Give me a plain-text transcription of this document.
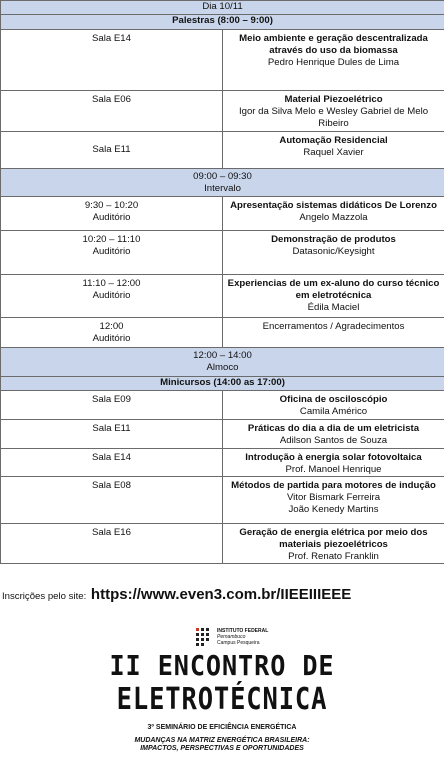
Dia 10/11	
Palestras (8:00 – 9:00)	
Sala E14	Meio ambiente e geração descentralizada através do uso da biomassa
Pedro Henrique Dules de Lima

Sala E06	Material Piezoelétrico
Igor da Silva Melo e Wesley Gabriel de Melo Ribeiro

Sala E11	Automação Residencial
Raquel Xavier

09:00 – 09:30
Intervalo	

9:30 – 10:20
Auditório	Apresentação sistemas didáticos De Lorenzo
Angelo Mazzola

10:20 – 11:10
Auditório	Demonstração de produtos
Datasonic/Keysight

11:10 – 12:00
Auditório	Experiencias de um ex-aluno do curso técnico em eletrotécnica
Édila Maciel

12:00
Auditório	Encerramentos / Agradecimentos

12:00 – 14:00
Almoco	

Minicursos (14:00 as 17:00)	
Sala E09	Oficina de osciloscópio
Camila Américo

Sala E11	Práticas do dia a dia de um eletricista
Adilson Santos de Souza

Sala E14	Introdução à energia solar fotovoltaica
Prof. Manoel Henrique

Sala E08	Métodos de partida para motores de indução
Vitor Bismark Ferreira
João Kenedy Martins

Sala E16	Geração de energia elétrica por meio dos materiais piezoelétricos
Prof. Renato Franklin
Inscrições pelo site: https://www.even3.com.br/IIEEIIIEEE
INSTITUTO FEDERAL
Pernambuco
Campus Pesqueira
II ENCONTRO DE
ELETROTÉCNICA
3º SEMINÁRIO DE EFICIÊNCIA ENERGÉTICA
MUDANÇAS NA MATRIZ ENERGÉTICA BRASILEIRA:
IMPACTOS, PERSPECTIVAS E OPORTUNIDADES
